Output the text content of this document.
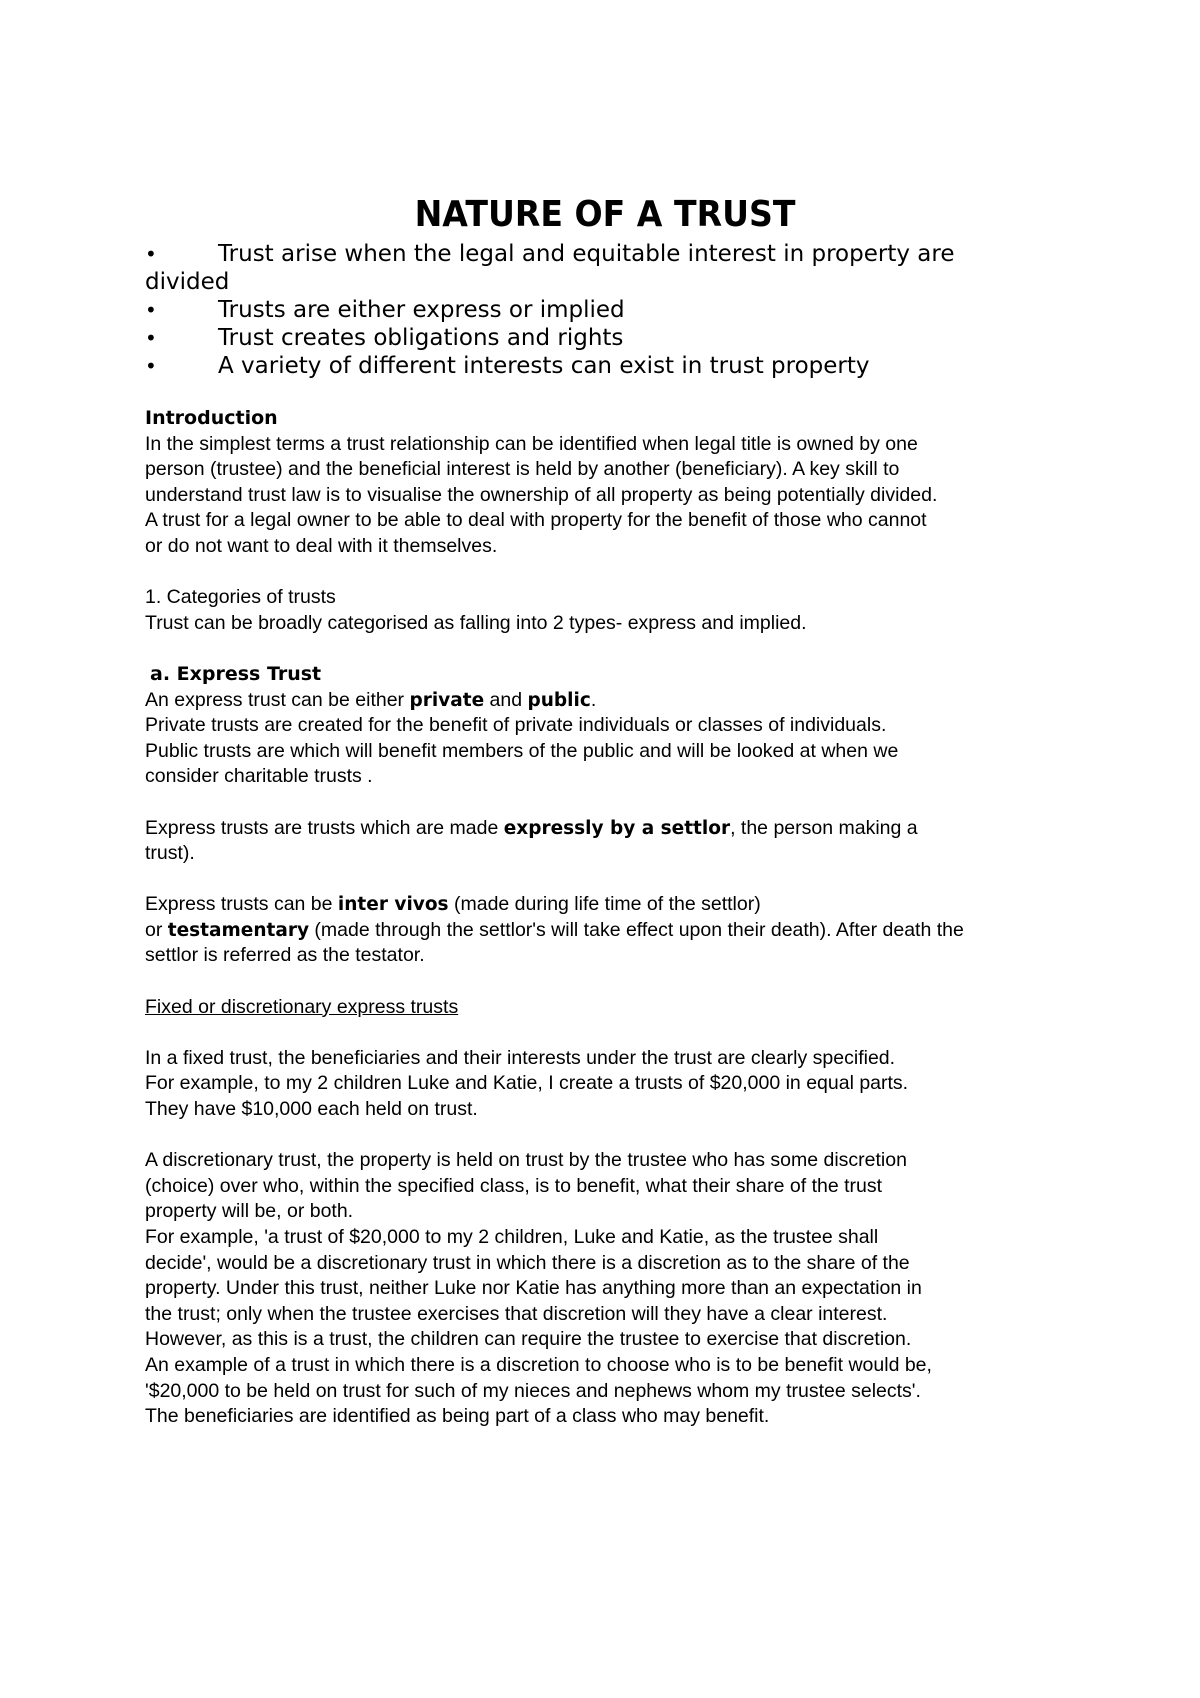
NATURE OF A TRUST
•	Trust arise when the legal and equitable interest in property are
divided
•	Trusts are either express or implied
•	Trust creates obligations and rights
•	A variety of different interests can exist in trust property

Introduction

In the simplest terms a trust relationship can be identified when legal title is owned by one

person (trustee) and the beneficial interest is held by another (beneficiary). A key skill to

understand trust law is to visualise the ownership of all property as being potentially divided.

A trust for a legal owner to be able to deal with property for the benefit of those who cannot

or do not want to deal with it themselves.

1. Categories of trusts

Trust can be broadly categorised as falling into 2 types- express and implied.

a. Express Trust

An express trust can be either private and public.

Private trusts are created for the benefit of private individuals or classes of individuals.

Public trusts are which will benefit members of the public and will be looked at when we

consider charitable trusts .

Express trusts are trusts which are made expressly by a settlor, the person making a

trust).

Express trusts can be inter vivos (made during life time of the settlor)

or testamentary (made through the settlor's will take effect upon their death). After death the

settlor is referred as the testator.

Fixed or discretionary express trusts

In a fixed trust, the beneficiaries and their interests under the trust are clearly specified.

For example, to my 2 children Luke and Katie, I create a trusts of $20,000 in equal parts.

They have $10,000 each held on trust.

A discretionary trust, the property is held on trust by the trustee who has some discretion

(choice) over who, within the specified class, is to benefit, what their share of the trust

property will be, or both.

For example, 'a trust of $20,000 to my 2 children, Luke and Katie, as the trustee shall

decide', would be a discretionary trust in which there is a discretion as to the share of the

property. Under this trust, neither Luke nor Katie has anything more than an expectation in

the trust; only when the trustee exercises that discretion will they have a clear interest.

However, as this is a trust, the children can require the trustee to exercise that discretion.

An example of a trust in which there is a discretion to choose who is to be benefit would be,

'$20,000 to be held on trust for such of my nieces and nephews whom my trustee selects'.

The beneficiaries are identified as being part of a class who may benefit.
